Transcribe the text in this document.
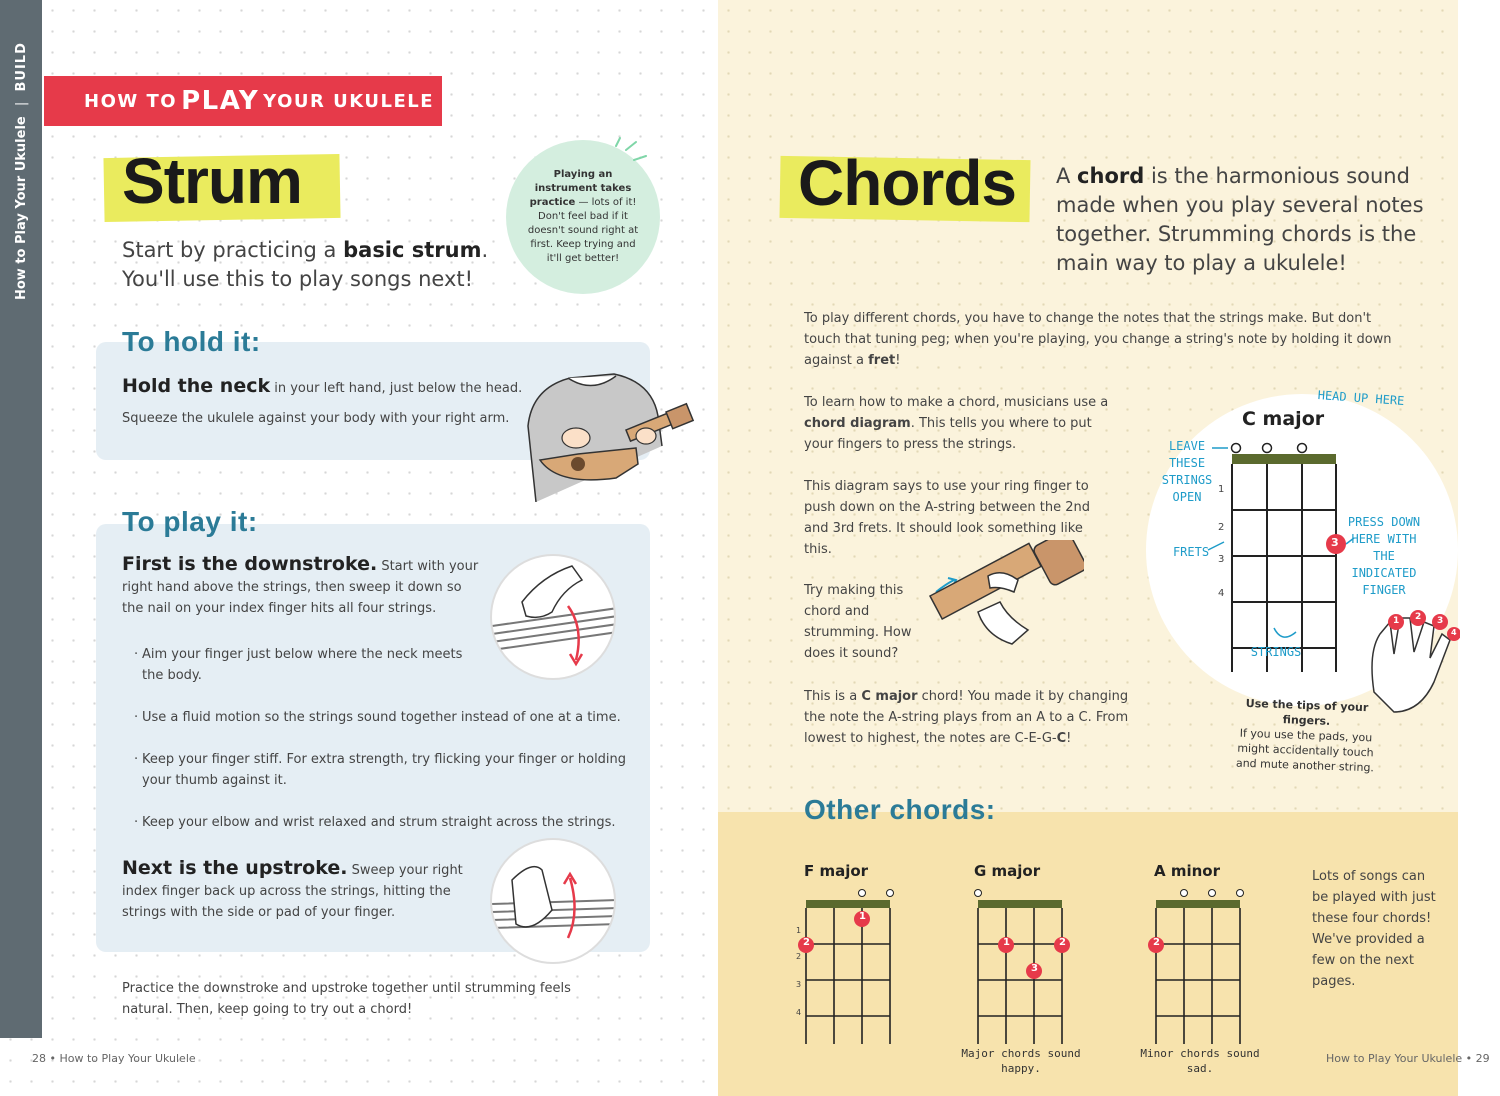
How to Play Your Ukulele
|
BUILD
HOW TO PLAY YOUR UKULELE
Strum
Start by practicing a basic strum.
You'll use this to play songs next!
Playing an instrument takes practice — lots of it! Don't feel bad if it doesn't sound right at first. Keep trying and it'll get better!
To hold it:
Hold the neck in your left hand, just below the head.
Squeeze the ukulele against your body with your right arm.
To play it:
First is the downstroke. Start with your right hand above the strings, then sweep it down so the nail on your index finger hits all four strings.
· Aim your finger just below where the neck meets the body.
· Use a fluid motion so the strings sound together instead of one at a time.
· Keep your finger stiff. For extra strength, try flicking your finger or holding your thumb against it.
· Keep your elbow and wrist relaxed and strum straight across the strings.
Next is the upstroke. Sweep your right index finger back up across the strings, hitting the strings with the side or pad of your finger.
Practice the downstroke and upstroke together until strumming feels natural. Then, keep going to try out a chord!
28 • How to Play Your Ukulele
Chords A chord is the harmonious sound made when you play several notes together. Strumming chords is the main way to play a ukulele!
To play different chords, you have to change the notes that the strings make. But don't touch that tuning peg; when you're playing, you change a string's note by holding it down against a fret!
To learn how to make a chord, musicians use a chord diagram. This tells you where to put your fingers to press the strings.
This diagram says to use your ring finger to push down on the A-string between the 2nd and 3rd frets. It should look something like this.
Try making this chord and strumming. How does it sound?
This is a C major chord! You made it by changing the note the A-string plays from an A to a C. From lowest to highest, the notes are C-E-G-C!
C major
HEAD UP HERE
LEAVE THESE STRINGS OPEN
FRETS
PRESS DOWN HERE WITH THE INDICATED FINGER
STRINGS
1
2
3
4
3
1 2 3
4
Use the tips of your fingers.
If you use the pads, you might accidentally touch and mute another string.
Other chords:
F major	G major	A minor
1
2	1	2
3
2
1
2
3
4
Major chords sound happy.
Minor chords sound sad.
Lots of songs can be played with just these four chords! We've provided a few on the next pages.
How to Play Your Ukulele • 29
